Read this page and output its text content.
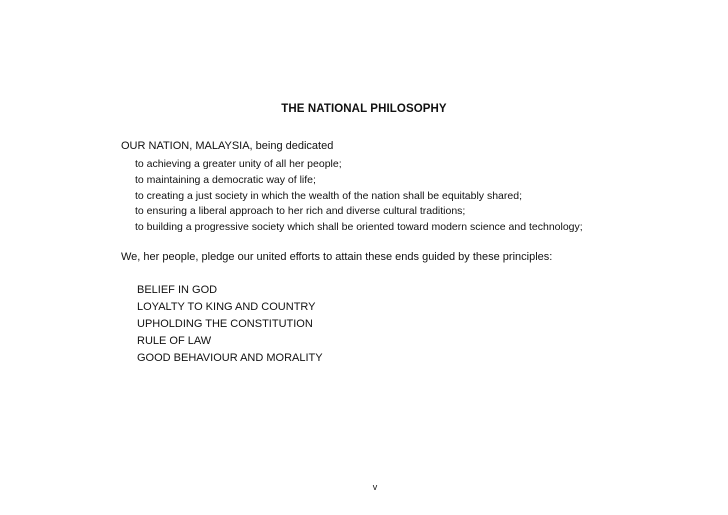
THE NATIONAL PHILOSOPHY
OUR NATION, MALAYSIA, being dedicated
to achieving a greater unity of all her people;
to maintaining a democratic way of life;
to creating a just society in which the wealth of the nation shall be equitably shared;
to ensuring a liberal approach to her rich and diverse cultural traditions;
to building a progressive society which shall be oriented toward modern science and technology;
We, her people, pledge our united efforts to attain these ends guided by these principles:
BELIEF IN GOD
LOYALTY TO KING AND COUNTRY
UPHOLDING THE CONSTITUTION
RULE OF LAW
GOOD BEHAVIOUR AND MORALITY
v
